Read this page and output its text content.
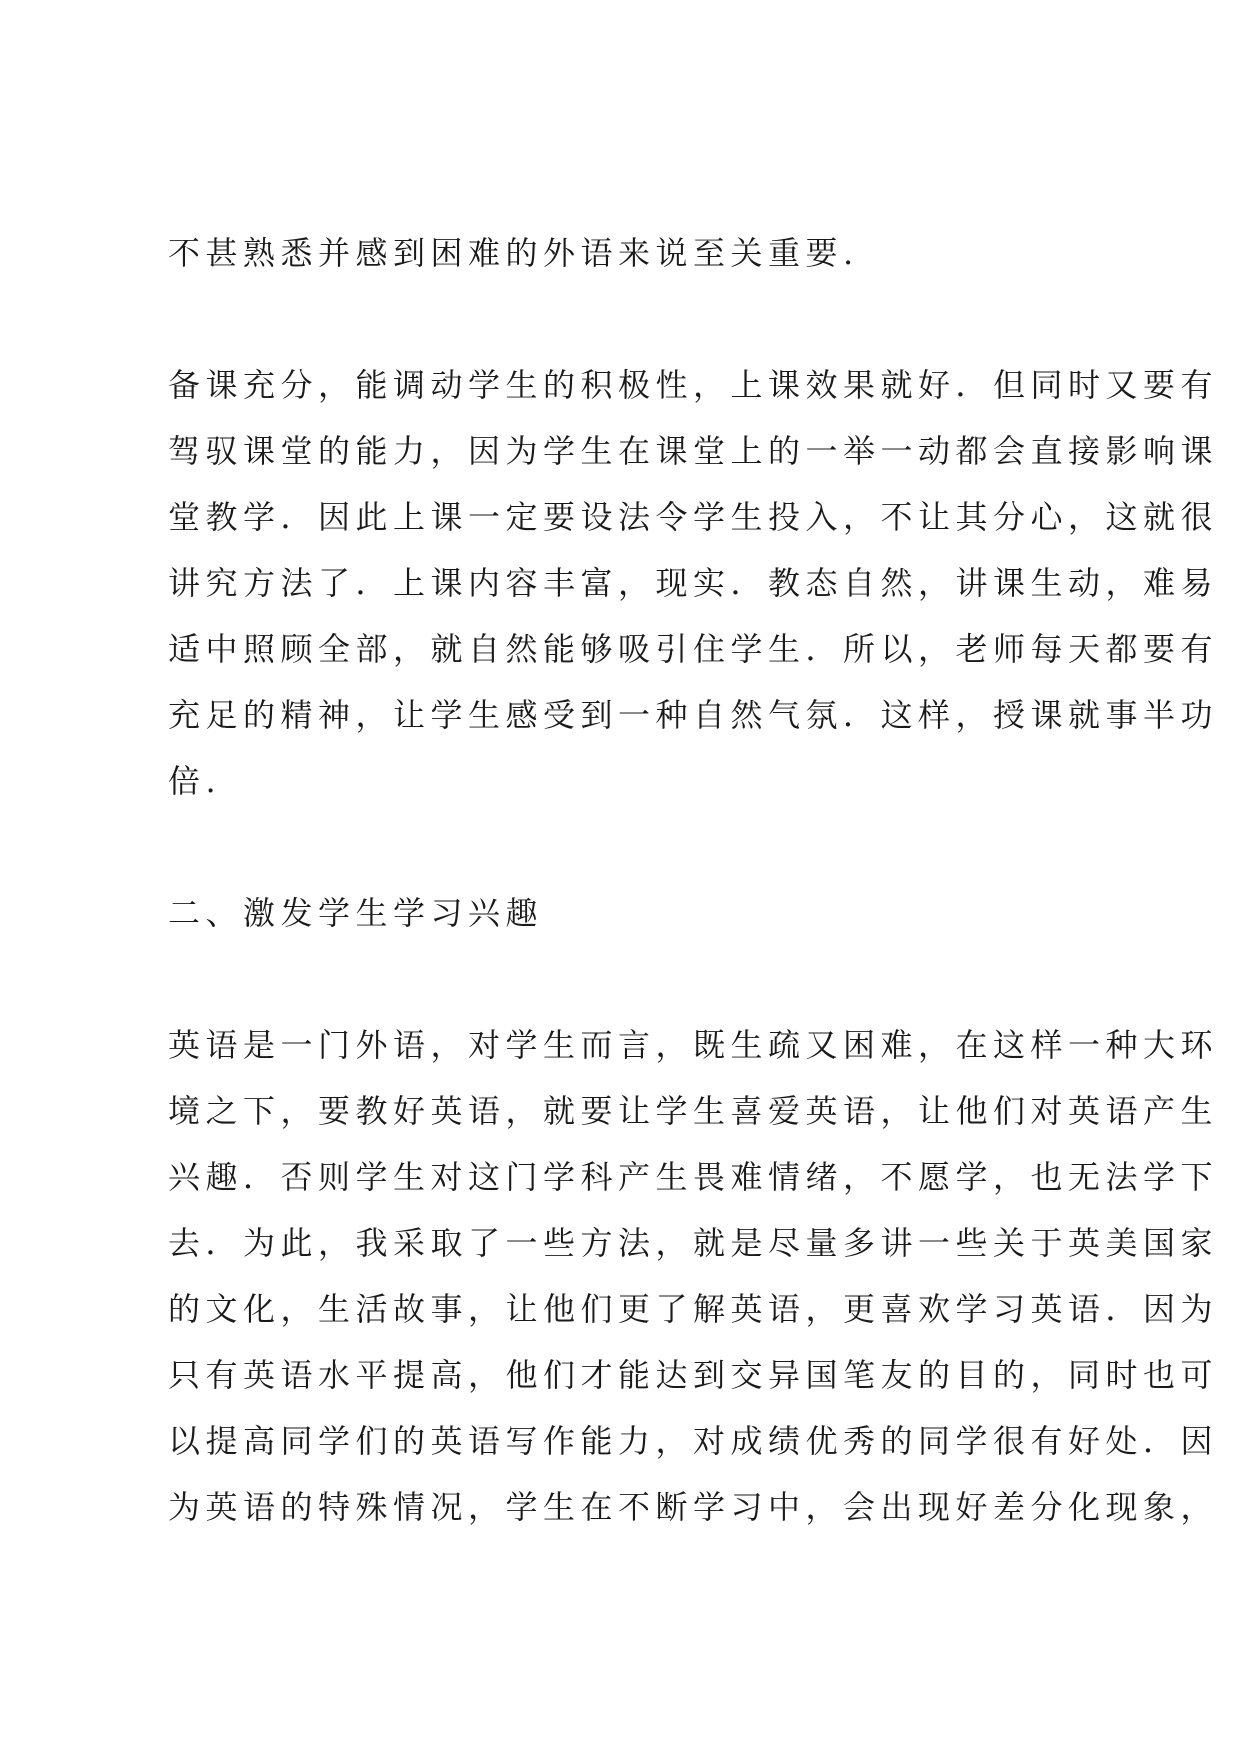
不甚熟悉并感到困难的外语来说至关重要.
备课充分，能调动学生的积极性，上课效果就好．但同时又要有
驾驭课堂的能力，因为学生在课堂上的一举一动都会直接影响课
堂教学．因此上课一定要设法令学生投入，不让其分心，这就很
讲究方法了．上课内容丰富，现实．教态自然，讲课生动，难易
适中照顾全部，就自然能够吸引住学生．所以，老师每天都要有
充足的精神，让学生感受到一种自然气氛．这样，授课就事半功
倍.
二、激发学生学习兴趣
英语是一门外语，对学生而言，既生疏又困难，在这样一种大环
境之下，要教好英语，就要让学生喜爱英语，让他们对英语产生
兴趣．否则学生对这门学科产生畏难情绪，不愿学，也无法学下
去．为此，我采取了一些方法，就是尽量多讲一些关于英美国家
的文化，生活故事，让他们更了解英语，更喜欢学习英语．因为
只有英语水平提高，他们才能达到交异国笔友的目的，同时也可
以提高同学们的英语写作能力，对成绩优秀的同学很有好处．因
为英语的特殊情况，学生在不断学习中，会出现好差分化现象，
